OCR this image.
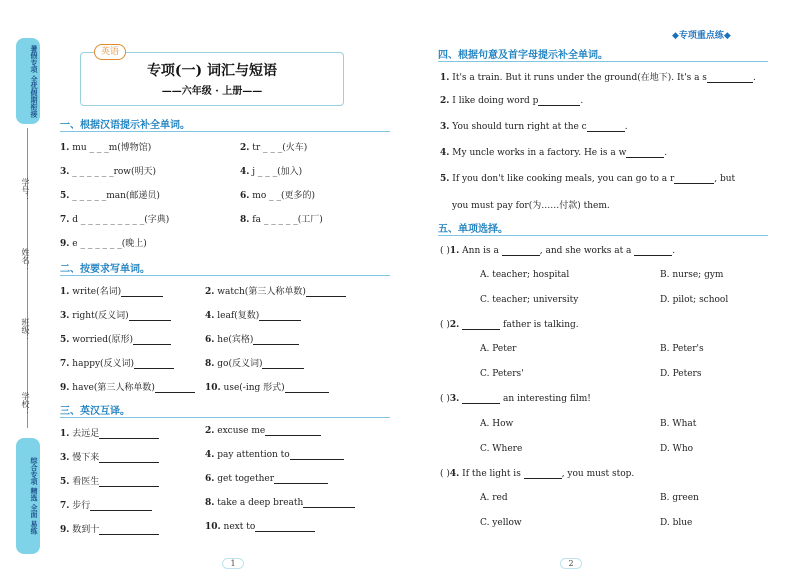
暑假专项 全优假期衔接
学号：
姓名：
班级：
学校：
综合专项 精选 全面 易练
英语
专项(一) 词汇与短语
——六年级 · 上册——
◆专项重点练◆
一、根据汉语提示补全单词。
1. mu _ _ _m(博物馆)	2. tr _ _ _(火车)
3. _ _ _ _ _ _row(明天)	4. j _ _ _(加入)
5. _ _ _ _ _man(邮递员)	6. mo _ _(更多的)
7. d _ _ _ _ _ _ _ _ _(字典)	8. fa _ _ _ _ _(工厂)
9. e _ _ _ _ _ _(晚上)
二、按要求写单词。
1. write(名词)	2. watch(第三人称单数)
3. right(反义词)	4. leaf(复数)
5. worried(原形)	6. he(宾格)
7. happy(反义词)	8. go(反义词)
9. have(第三人称单数)	10. use(-ing 形式)
三、英汉互译。
1. 去远足	2. excuse me
3. 慢下来	4. pay attention to
5. 看医生	6. get together
7. 步行	8. take a deep breath
9. 数到十	10. next to
1
四、根据句意及首字母提示补全单词。
1. It's a train. But it runs under the ground(在地下). It's a s	.
2. I like doing word p	.
3. You should turn right at the c	.
4. My uncle works in a factory. He is a w	.
5. If you don't like cooking meals, you can go to a r	, but
you must pay for(为……付款) them.
五、单项选择。
( )1. Ann is a	, and she works at a	.
A. teacher; hospital	B. nurse; gym
C. teacher; university	D. pilot; school
( )2.	father is talking.
A. Peter	B. Peter's
C. Peters'	D. Peters
( )3.	an interesting film!
A. How	B. What
C. Where	D. Who
( )4. If the light is	, you must stop.
A. red	B. green
C. yellow	D. blue
2
